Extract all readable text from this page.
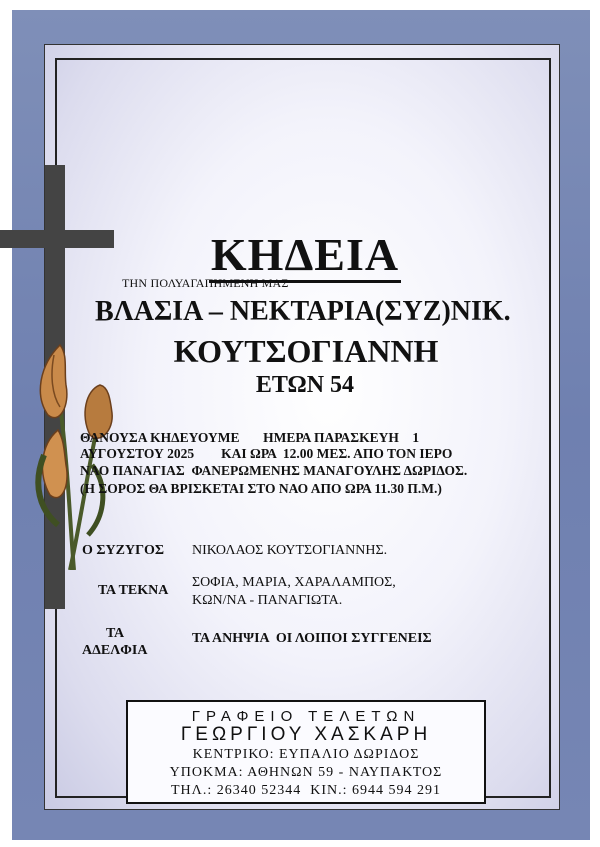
ΚΗΔΕΙΑ
ΤΗΝ ΠΟΛΥΑΓΑΠΗΜΕΝΗ ΜΑΣ
ΒΛΑΣΙΑ – ΝΕΚΤΑΡΙΑ(ΣΥΖ)ΝΙΚ.
ΚΟΥΤΣΟΓΙΑΝΝΗ
ΕΤΩΝ 54
ΘΑΝΟΥΣΑ ΚΗΔΕΥΟΥΜΕ       ΗΜΕΡΑ ΠΑΡΑΣΚΕΥΗ    1
ΑΥΓΟΥΣΤΟΥ 2025        ΚΑΙ ΩΡΑ  12.00 ΜΕΣ. ΑΠΟ ΤΟΝ ΙΕΡΟ
ΝΑΟ ΠΑΝΑΓΙΑΣ  ΦΑΝΕΡΩΜΕΝΗΣ ΜΑΝΑΓΟΥΛΗΣ ΔΩΡΙΔΟΣ.
(Η ΣΟΡΟΣ ΘΑ ΒΡΙΣΚΕΤΑΙ ΣΤΟ ΝΑΟ ΑΠΟ ΩΡΑ 11.30 Π.Μ.)
Ο ΣΥΖΥΓΟΣ ΝΙΚΟΛΑΟΣ ΚΟΥΤΣΟΓΙΑΝΝΗΣ.
ΤΑ ΤΕΚΝΑ
ΣΟΦΙΑ, ΜΑΡΙΑ, ΧΑΡΑΛΑΜΠΟΣ,
ΚΩΝ/ΝΑ - ΠΑΝΑΓΙΩΤΑ.
ΤΑ
ΑΔΕΛΦΙΑ
ΤΑ ΑΝΗΨΙΑ  ΟΙ ΛΟΙΠΟΙ ΣΥΓΓΕΝΕΙΣ
ΓΡΑΦΕΙΟ ΤΕΛΕΤΩΝ
ΓΕΩΡΓΙΟΥ ΧΑΣΚΑΡΗ
ΚΕΝΤΡΙΚΟ: ΕΥΠΑΛΙΟ ΔΩΡΙΔΟΣ
ΥΠΟΚΜΑ: ΑΘΗΝΩΝ 59 - ΝΑΥΠΑΚΤΟΣ
ΤΗΛ.: 26340 52344  ΚΙΝ.: 6944 594 291
